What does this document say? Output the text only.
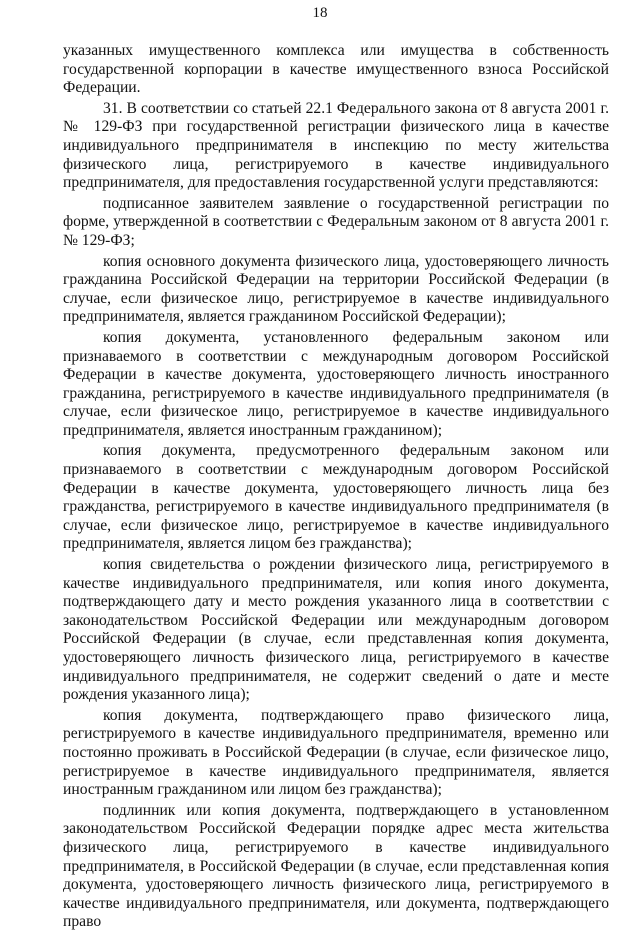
18

указанных имущественного комплекса или имущества в собственность государственной корпорации в качестве имущественного взноса Российской Федерации.

31. В соответствии со статьей 22.1 Федерального закона от 8 августа 2001 г. № 129-ФЗ при государственной регистрации физического лица в качестве индивидуального предпринимателя в инспекцию по месту жительства физического лица, регистрируемого в качестве индивидуального предпринимателя, для предоставления государственной услуги представляются:

подписанное заявителем заявление о государственной регистрации по форме, утвержденной в соответствии с Федеральным законом от 8 августа 2001 г. № 129-ФЗ;

копия основного документа физического лица, удостоверяющего личность гражданина Российской Федерации на территории Российской Федерации (в случае, если физическое лицо, регистрируемое в качестве индивидуального предпринимателя, является гражданином Российской Федерации);

копия документа, установленного федеральным законом или признаваемого в соответствии с международным договором Российской Федерации в качестве документа, удостоверяющего личность иностранного гражданина, регистрируемого в качестве индивидуального предпринимателя (в случае, если физическое лицо, регистрируемое в качестве индивидуального предпринимателя, является иностранным гражданином);

копия документа, предусмотренного федеральным законом или признаваемого в соответствии с международным договором Российской Федерации в качестве документа, удостоверяющего личность лица без гражданства, регистрируемого в качестве индивидуального предпринимателя (в случае, если физическое лицо, регистрируемое в качестве индивидуального предпринимателя, является лицом без гражданства);

копия свидетельства о рождении физического лица, регистрируемого в качестве индивидуального предпринимателя, или копия иного документа, подтверждающего дату и место рождения указанного лица в соответствии с законодательством Российской Федерации или международным договором Российской Федерации (в случае, если представленная копия документа, удостоверяющего личность физического лица, регистрируемого в качестве индивидуального предпринимателя, не содержит сведений о дате и месте рождения указанного лица);

копия документа, подтверждающего право физического лица, регистрируемого в качестве индивидуального предпринимателя, временно или постоянно проживать в Российской Федерации (в случае, если физическое лицо, регистрируемое в качестве индивидуального предпринимателя, является иностранным гражданином или лицом без гражданства);

подлинник или копия документа, подтверждающего в установленном законодательством Российской Федерации порядке адрес места жительства физического лица, регистрируемого в качестве индивидуального предпринимателя, в Российской Федерации (в случае, если представленная копия документа, удостоверяющего личность физического лица, регистрируемого в качестве индивидуального предпринимателя, или документа, подтверждающего право
